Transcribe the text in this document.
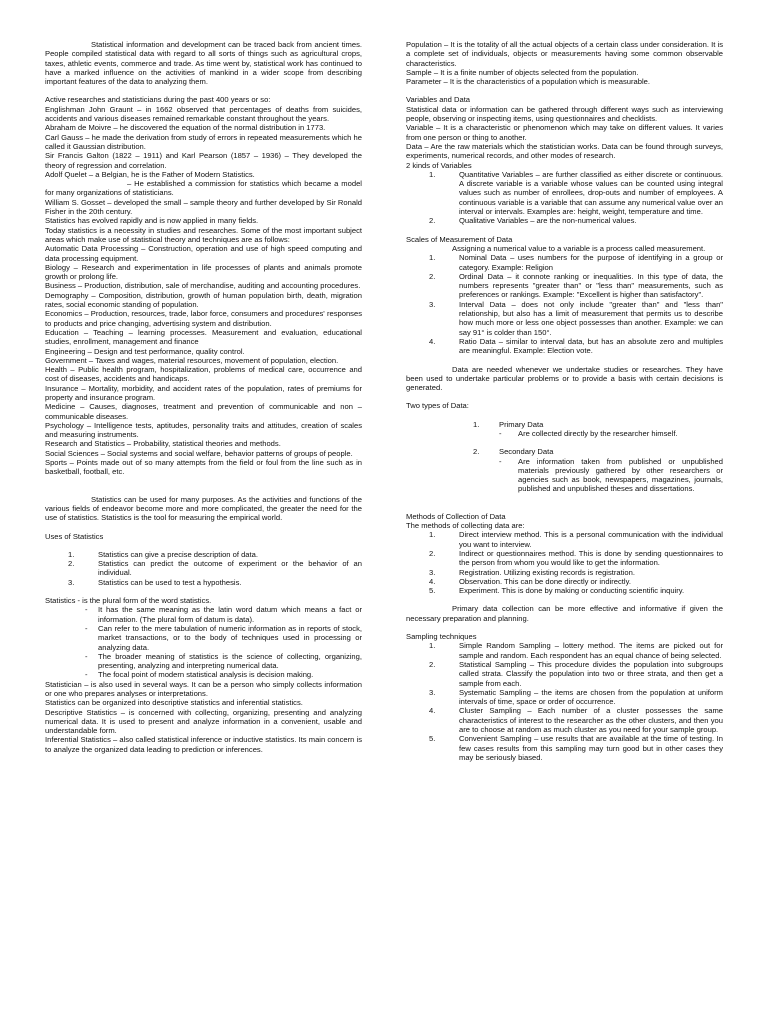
Statistical information and development can be traced back from ancient times. People compiled statistical data with regard to all sorts of things such as agricultural crops, taxes, athletic events, commerce and trade. As time went by, statistical work has continued to have a marked influence on the activities of mankind in a wider scope from describing important features of the data to analyzing them.

Active researches and statisticians during the past 400 years or so:

Englishman John Graunt – in 1662 observed that percentages of deaths from suicides, accidents and various diseases remained remarkable constant throughout the years.

Abraham de Moivre – he discovered the equation of the normal distribution in 1773.

Carl Gauss – he made the derivation from study of errors in repeated measurements which he called it Gaussian distribution.

Sir Francis Galton (1822 – 1911) and Karl Pearson (1857 – 1936) – They developed the theory of regression and correlation.

Adolf Quelet – a Belgian, he is the Father of Modern Statistics.

– He established a commission for statistics which became a model for many organizations of statisticians.

William S. Gosset – developed the small – sample theory and further developed by Sir Ronald Fisher in the 20th century.

Statistics has evolved rapidly and is now applied in many fields.

Today statistics is a necessity in studies and researches. Some of the most important subject areas which make use of statistical theory and techniques are as follows:

Automatic Data Processing – Construction, operation and use of high speed computing and data processing equipment.

Biology – Research and experimentation in life processes of plants and animals promote growth or prolong life.

Business – Production, distribution, sale of merchandise, auditing and accounting procedures.

Demography – Composition, distribution, growth of human population birth, death, migration rates, social economic standing of population.

Economics – Production, resources, trade, labor force, consumers and procedures' responses to products and price changing, advertising system and distribution.

Education – Teaching – learning processes. Measurement and evaluation, educational studies, enrollment, management and finance

Engineering – Design and test performance, quality control.

Government – Taxes and wages, material resources, movement of population, election.

Health – Public health program, hospitalization, problems of medical care, occurrence and cost of diseases, accidents and handicaps.

Insurance – Mortality, morbidity, and accident rates of the population, rates of premiums for property and insurance program.

Medicine – Causes, diagnoses, treatment and prevention of communicable and non – communicable diseases.

Psychology – Intelligence tests, aptitudes, personality traits and attitudes, creation of scales and measuring instruments.

Research and Statistics – Probability, statistical theories and methods.

Social Sciences – Social systems and social welfare, behavior patterns of groups of people.

Sports – Points made out of so many attempts from the field or foul from the line such as in basketball, football, etc.

Statistics can be used for many purposes. As the activities and functions of the various fields of endeavor become more and more complicated, the greater the need for the use of statistics. Statistics is the tool for measuring the empirical world.

Uses of Statistics

1.	Statistics can give a precise description of data.
2.	Statistics can predict the outcome of experiment or the behavior of an individual.
3.	Statistics can be used to test a hypothesis.

Statistics - is the plural form of the word statistics.

-	It has the same meaning as the latin word datum which means a fact or information. (The plural form of datum is data).
-	Can refer to the mere tabulation of numeric information as in reports of stock, market transactions, or to the body of techniques used in processing or analyzing data.
-	The broader meaning of statistics is the science of collecting, organizing, presenting, analyzing and interpreting numerical data.
-	The focal point of modern statistical analysis is decision making.

Statistician – is also used in several ways. It can be a person who simply collects information or one who prepares analyses or interpretations.

Statistics can be organized into descriptive statistics and inferential statistics.

Descriptive Statistics – is concerned with collecting, organizing, presenting and analyzing numerical data. It is used to present and analyze information in a convenient, usable and understandable form.

Inferential Statistics – also called statistical inference or inductive statistics. Its main concern is to analyze the organized data leading to prediction or inferences.

Population – It is the totality of all the actual objects of a certain class under consideration. It is a complete set of individuals, objects or measurements having some common observable characteristics.

Sample – It is a finite number of objects selected from the population.

Parameter – It is the characteristics of a population which is measurable.

Variables and Data

Statistical data or information can be gathered through different ways such as interviewing people, observing or inspecting items, using questionnaires and checklists.

Variable – It is a characteristic or phenomenon which may take on different values. It varies from one person or thing to another.

Data – Are the raw materials which the statistician works. Data can be found through surveys, experiments, numerical records, and other modes of research.

2 kinds of Variables

1.	Quantitative Variables – are further classified as either discrete or continuous. A discrete variable is a variable whose values can be counted using integral values such as number of enrollees, drop-outs and number of employees. A continuous variable is a variable that can assume any numerical value over an interval or intervals. Examples are: height, weight, temperature and time.
2.	Qualitative Variables – are the non-numerical values.

Scales of Measurement of Data

Assigning a numerical value to a variable is a process called measurement.

1.	Nominal Data – uses numbers for the purpose of identifying in a group or category. Example: Religion
2.	Ordinal Data – it connote ranking or inequalities. In this type of data, the numbers represents "greater than" or "less than" measurements, such as preferences or rankings. Example: "Excellent is higher than satisfactory".
3.	Interval Data – does not only include "greater than" and "less than" relationship, but also has a limit of measurement that permits us to describe how much more or less one object possesses than another. Example: we can say 91° is colder than 150°.
4.	Ratio Data – similar to interval data, but has an absolute zero and multiples are meaningful. Example: Election vote.

Data are needed whenever we undertake studies or researches. They have been used to undertake particular problems or to provide a basis with certain decisions is generated.

Two types of Data:

1.	Primary Data
-	Are collected directly by the researcher himself.
2.	Secondary Data
-	Are information taken from published or unpublished materials previously gathered by other researchers or agencies such as book, newspapers, magazines, journals, published and unpublished theses and dissertations.

Methods of Collection of Data

The methods of collecting data are:

1.	Direct interview method. This is a personal communication with the individual you want to interview.
2.	Indirect or questionnaires method. This is done by sending questionnaires to the person from whom you would like to get the information.
3.	Registration. Utilizing existing records is registration.
4.	Observation. This can be done directly or indirectly.
5.	Experiment. This is done by making or conducting scientific inquiry.

Primary data collection can be more effective and informative if given the necessary preparation and planning.

Sampling techniques

1.	Simple Random Sampling – lottery method. The items are picked out for sample and random. Each respondent has an equal chance of being selected.
2.	Statistical Sampling – This procedure divides the population into subgroups called strata. Classify the population into two or three strata, and then get a sample from each.
3.	Systematic Sampling – the items are chosen from the population at uniform intervals of time, space or order of occurrence.
4.	Cluster Sampling – Each number of a cluster possesses the same characteristics of interest to the researcher as the other clusters, and then you are to choose at random as much cluster as you need for your sample group.
5.	Convenient Sampling – use results that are available at the time of testing. In few cases results from this sampling may turn good but in other cases they may be seriously biased.
